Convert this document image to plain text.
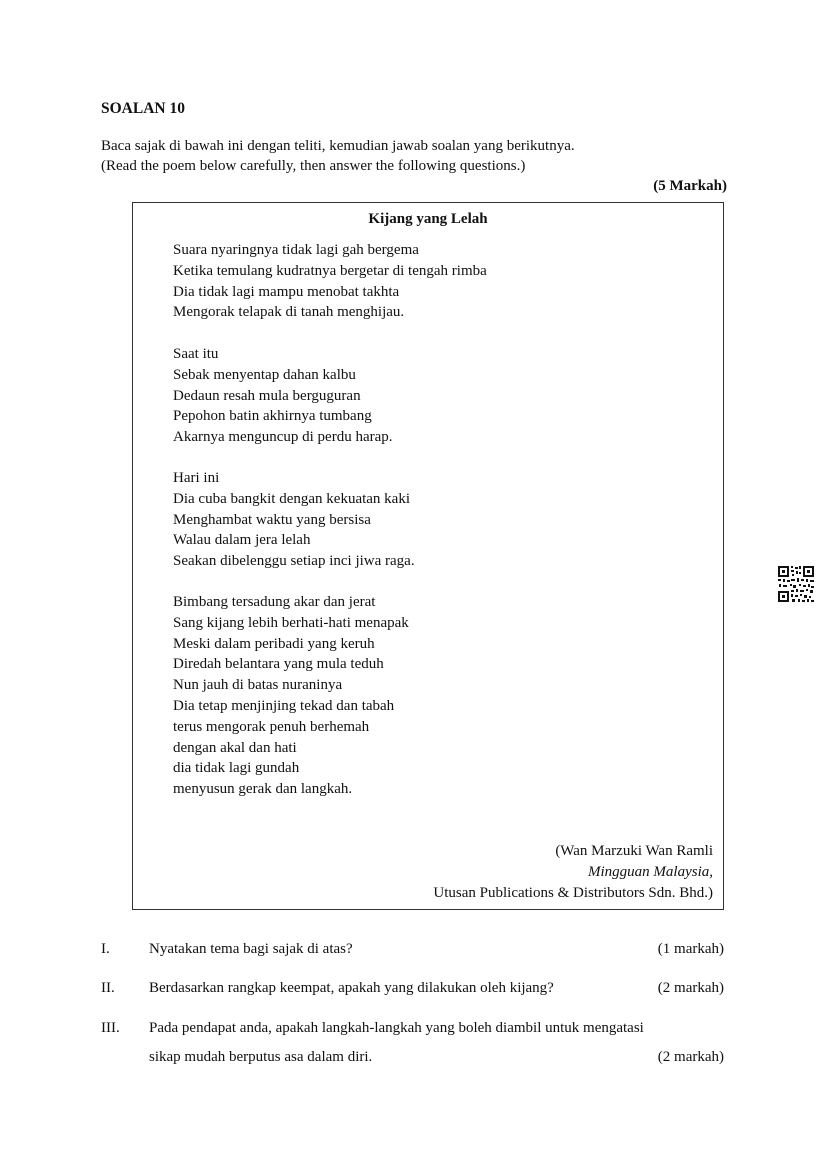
SOALAN 10
Baca sajak di bawah ini dengan teliti, kemudian jawab soalan yang berikutnya.
(Read the poem below carefully, then answer the following questions.)
(5 Markah)
Kijang yang Lelah
Suara nyaringnya tidak lagi gah bergema
Ketika temulang kudratnya bergetar di tengah rimba
Dia tidak lagi mampu menobat takhta
Mengorak telapak di tanah menghijau.
Saat itu
Sebak menyentap dahan kalbu
Dedaun resah mula berguguran
Pepohon batin akhirnya tumbang
Akarnya menguncup di perdu harap.
Hari ini
Dia cuba bangkit dengan kekuatan kaki
Menghambat waktu yang bersisa
Walau dalam jera lelah
Seakan dibelenggu setiap inci jiwa raga.
Bimbang tersadung akar dan jerat
Sang kijang lebih berhati-hati menapak
Meski dalam peribadi yang keruh
Diredah belantara yang mula teduh
Nun jauh di batas nuraninya
Dia tetap menjinjing tekad dan tabah
terus mengorak penuh berhemah
dengan akal dan hati
dia tidak lagi gundah
menyusun gerak dan langkah.
(Wan Marzuki Wan Ramli
Mingguan Malaysia,
Utusan Publications & Distributors Sdn. Bhd.)
I.	Nyatakan tema bagi sajak di atas?	(1 markah)
II. Berdasarkan rangkap keempat, apakah yang dilakukan oleh kijang?	(2 markah)
III. Pada pendapat anda, apakah langkah-langkah yang boleh diambil untuk mengatasi
sikap mudah berputus asa dalam diri.	(2 markah)
